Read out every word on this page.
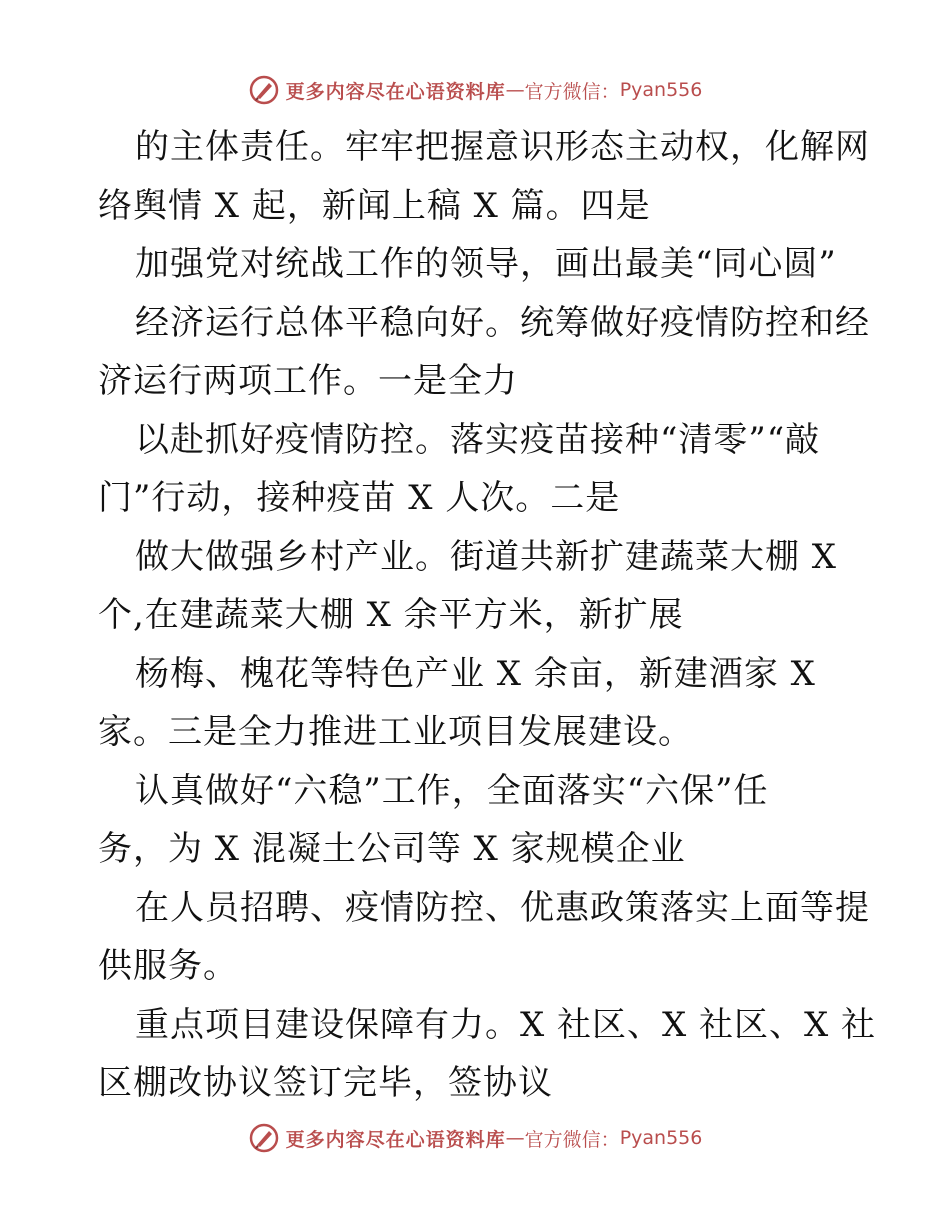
更多内容尽在心语资料库 — 官方微信： Pyan556
的主体责任。牢牢把握意识形态主动权，化解网
络舆情 X 起，新闻上稿 X 篇。四是
加强党对统战工作的领导，画出最美“同心圆”
经济运行总体平稳向好。统筹做好疫情防控和经
济运行两项工作。一是全力
以赴抓好疫情防控。落实疫苗接种“清零”“敲
门”行动，接种疫苗 X 人次。二是
做大做强乡村产业。街道共新扩建蔬菜大棚 X
个,在建蔬菜大棚 X 余平方米，新扩展
杨梅、槐花等特色产业 X 余亩，新建酒家 X
家。三是全力推进工业项目发展建设。
认真做好“六稳”工作，全面落实“六保”任
务，为 X 混凝土公司等 X 家规模企业
在人员招聘、疫情防控、优惠政策落实上面等提
供服务。
重点项目建设保障有力。X 社区、X 社区、X 社
区棚改协议签订完毕，签协议
更多内容尽在心语资料库 — 官方微信： Pyan556
